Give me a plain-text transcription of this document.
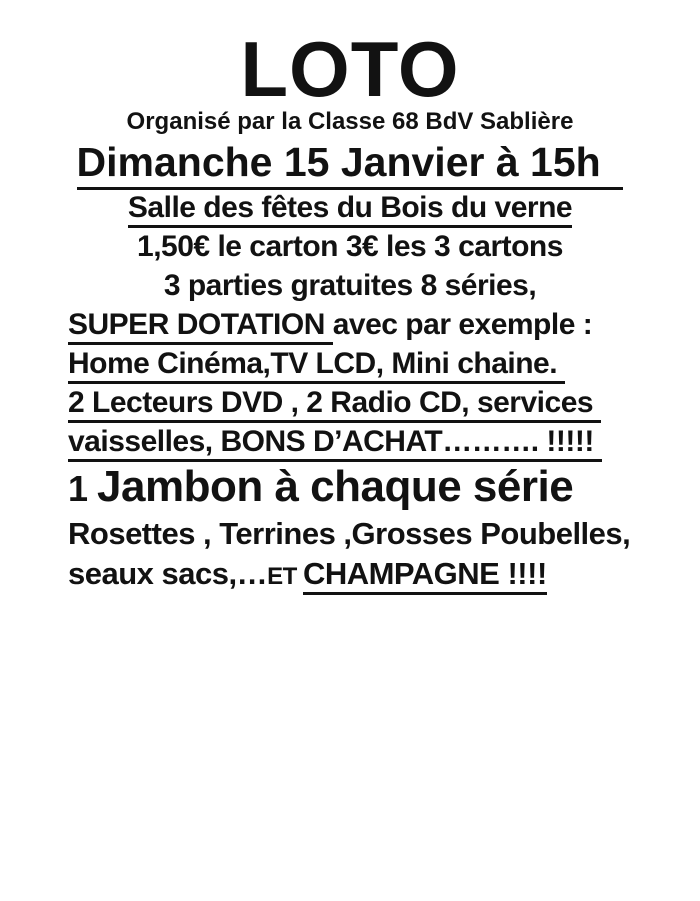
LOTO

Organisé par la Classe 68 BdV Sablière

Dimanche 15 Janvier à 15h

Salle des fêtes du Bois du verne

1,50€ le carton 3€ les 3 cartons

3 parties gratuites 8 séries,

SUPER DOTATION avec par exemple :

Home Cinéma,TV LCD, Mini chaine.

2 Lecteurs DVD , 2 Radio CD, services

vaisselles, BONS D’ACHAT………. !!!!!

1 Jambon à chaque série

Rosettes , Terrines ,Grosses Poubelles,

seaux sacs,…ET CHAMPAGNE !!!!
